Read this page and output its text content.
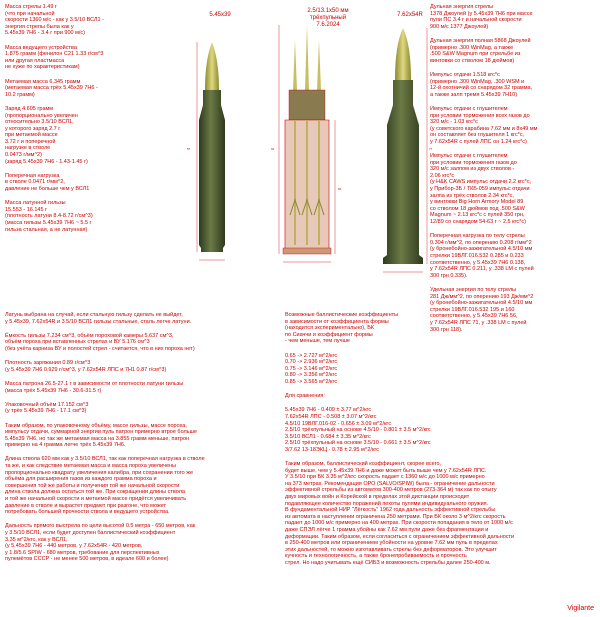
5.45x39
2.5/13.1x50 мм
трёхпульный
7.6.2024
7.62x54R

Масса стрелы 1.49 г
(что при начальной
скорости 1360 м/с - как у 3.5/10 ВСЛ1 -
энергия стрелы была как у
5.45x39 7Н6 - 3.4 г при 900 м/с)

Масса ведущего устройства
1.875 грамм (фенилон С21 1.33 г/см^3
или другая пластмасса
не хуже по характеристикам)

Метаемая масса 6.345 грамм
(метаемая масса трёх 5.45x39 7Н6 -
10.2 грамм)

Заряд 4.605 грамм
(пропорционально увеличен
относительно 3.5/10 ВСЛ1,
у которого заряд 2.7 г
при метаемой массе
3.72 г и поперечной
нагрузке в стволе
0.0473 г/мм^2)
(заряд 5.45x39 7Н6 - 1.43-1.45 г)

Поперечная нагрузка
в стволе 0.0471 г/мм^2,
давление не больше чем у ВСЛ1

Масса латунной гильзы
15.553 - 16.145 г
(плотность латуни 8.4-8.72 г/см^3)
(масса гильзы 5.45x39 7Н6 ~ 5.5 г
гильза стальная, а не латунная)

Латунь выбрана на случай, если стальную гильзу сделать не выйдет,
у 5.45x39, 7.62x54R и 3.5/10 ВСЛ1 гильзы стальные, сталь легче латуни.

Ёмкость гильзы 7.234 см^3, объём пороховой камеры 5.637 см^3,
объём пороха при вставленных стрелах и ВУ 5.176 см^3
(без учёта карниза ВУ и полостей стрел - считается, что в них пороха нет)

Плотность заряжания 0.89 г/см^3
(у 5.45x39 7Н6 0.929 г/см^3, у 7.62x54R ЛПС и 7Н1 0.87 г/см^3)

Масса патрона 26.5-27.1 г в зависимости от плотности латуни гильзы
(масса трёх 5.45x39 7Н6 - 30.6-31.5 г)

Упаковочный объём 17.152 см^3
(у трёх 5.45x39 7Н6 - 17.1 см^3)

Таким образом, по упаковочному объёму, массе гильзы, массе пороха,
импульсу отдачи, суммарной энергии пуль патрон примерно втрое больше
5.45x39 7Н6, но так же метаемая масса на 3.855 грамм меньше, патрон
примерно на 4 грамма легче трёх 5.45x39 7Н6.

Длина ствола 620 мм как у 3.5/10 ВСЛ1, так как поперечная нагрузка в стволе
та же, и как следствие метаемая масса и масса пороха увеличены
пропорционально квадрату увеличения калибра, при сохранении того же
объёма для расширения газов из каждого грамма пороха и
совершения той же работы и получения той же начальной скорости
длина ствола должна остаться той же. При сокращении длины ствола
и той же начальной скорости и метаемой массе придётся увеличивать
давление в стволе и вырастет предмет при разгоне, что может
потребовать большей прочности ствола и ведущего устройства.

Дальность прямого выстрела по цели высотой 0.5 метра - 650 метров, как
у 3.5/10 ВСЛ1, если будет доступен баллистический коэффициент
3.35 м^2/кгс, как у ВСЛ1,
(у 5.45x39 7Н6 - 440 метров, у 7.62x54R - 420 метров,
у 1.8/5.6 SPIW - 680 метров, требование для перспективных
пулемётов СССР - не менее 500 метров, в идеале 600 и более)

Возможные баллистические коэффициенты
в зависимости от коэффициента формы
(находится экспериментально), БК
по Сиаччи и коэффициент формы
- чем меньше, тем лучше

0.65 -> 2.727 м^2/кгс
0.70 -> 2.936 м^2/кгс
0.75 -> 3.146 м^2/кгс
0.80 -> 3.356 м^2/кгс
0.85 -> 3.565 м^2/кгс

Для сравнения:

5.45x39 7Н6 - 0.409 ± 3.77 м^2/кгс
7.62x54R ЛПС - 0.508 ± 3.07 м^2/кгс
4.5/10 19ВЛГ.016-02 - 0.656 ± 3.09 м^2/кгс
2.5/10 трёхпульный на основе 4.5/10 - 0.801 ± 3.5 м^2/кгс
3.5/10 ВСЛ1 - 0.684 ± 3.35 м^2/кгс
2.5/10 трёхпульный на основе 3.5/10 - 0.661 ± 3.5 м^2/кгс
3/7.62 13-18ЭКЦ - 0.78 ± 2.95 м^2/кгс

Таким образом, баллистический коэффициент, скорее всего,
будет выше, чем у 5.45x39 7Н6 и даже может быть выше чем у 7.62x54R ЛПС.
У 3.5/10 при БК 3.35 м^2/кгс скорость падает с 1360 м/с до 1000 м/с примерно
на 373 метрах. Рекомендация ОРО (SALVO/SPIW) была - ограничение дальности
эффективной стрельбы из автоматов 300-400 метров (273-364 м) так как по опыту
двух мировых войн и Корейской в пределах этой дистанции происходит
подавляющее количество поражений пехоты пулями индивидуального оружия.
В фундаментальной НИР "Лёгкость" 1962 года дальность эффективной стрельбы
из автомата в наступлении ограничена 250 метрами. При БК около 3 м^2/кгс скорость
падает до 1000 м/с примерно на 400 метрах. При скорости попадания в тело от 1000 м/с
даже СПЭЛ лёгче 1 грамма убойны как 7.62 мм пули даже без фрагментации и
деформации. Таким образом, если согласиться с ограничением эффективной дальности
в 250-400 метров или ограничением убойности на уровне 7.62 мм пуль в пределах
этих дальностей, то можно изготавливать стрелы без деформаторов. Это улучшит
кучность и технологичность, а также бронепробиваемость и прочность
стрел. Но надо учитывать ещё СИБЗ и возможность стрельбы далее 250-400 м.

Дульная энергия стрелы
1378 Джоулей (у 5.45x39 7Н6 при массе
пули ПС 3.4 г и начальной скорости
900 м/с 1377 Джоулей)

Дульная энергия полная 5868 Джоулей
(примерно .300 WinMag, а также
.500 S&W Magnum при стрельбе из
винтовки со стволом 18 дюймов)

Импульс отдачи 1.518 кгс*с
(примерно .300 WinMag, .300 WSM и
12-й охотничий со снарядом 32 грамма,
а также залп тремя 5.45x39 7Н10)

Импульс отдачи с глушителем
при условии торможения всех газов до
320 м/с - 1.03 кгс*с
(у советского карабина 7.62 мм и 8x49 мм
он составляет без глушителя 1 кгс*с,
у 7.62x54R с пулей ЛПС он 1.24 кгс*с)

Импульс отдачи с глушителем
при условии торможения газов до
320 м/с залпом из двух стволов -
2.06 кгс*с
(у H&K CAWS импульс отдачи 2.2 кгс*с,
у Прибор-3Б / ТКБ-059 импульс отдачи
залпа из трёх стволов 2.34 кгс*с,
у винтовки Big Horn Armory Model 89
со стволом 18 дюймов под .500 S&W
Magnum ~ 2.13 кгс*с с пулей 350 грн,
12/89 со снарядом 54-63 г ~ 2.5 кгс*с)

Поперечная нагрузка по телу стрелы
0.304 г/мм^2, по оперению 0.208 г/мм^2
(у бронебойно-зажигательной 4.5/10 мм
стрелки 19ВЛГ.016.532 0.285 и 0.233
соответственно, у 5.45x39 7Н6 0.138,
у 7.62x54R ЛПС 0.211, у .338 LM с пулей
300 грн 0.335).

Удельная энергия по телу стрелы
281 Дж/мм^2, по оперению 193 Дж/мм^2
(у бронебойно-зажигательной 4.5/10 мм
стрелки 19ВЛГ.016.532 195 и 160
соответственно, у 5.45x39 7Н6 56,
у 7.62x54R ЛПС 71, у .338 LM с пулей
300 грн 118).

57	92
50
77
Vigilante
